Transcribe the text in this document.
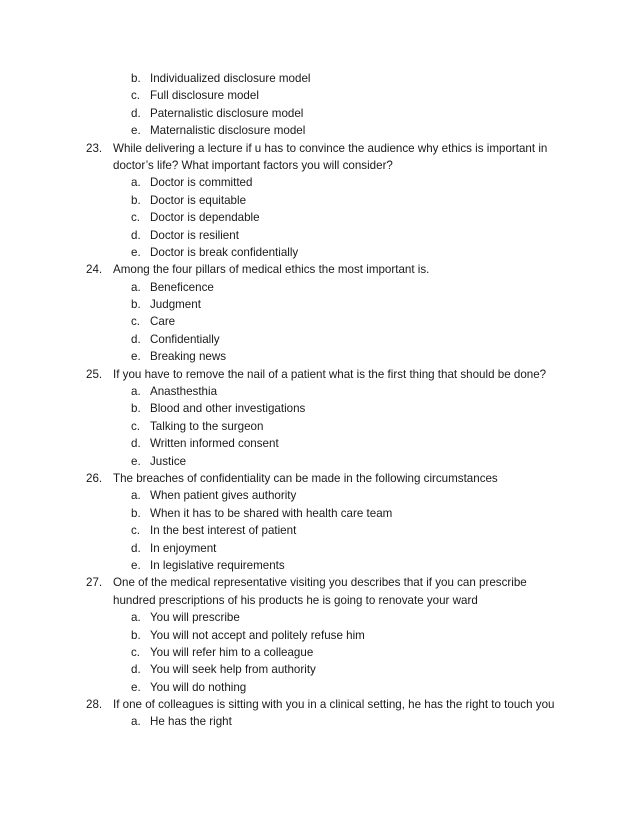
b. Individualized disclosure model
c. Full disclosure model
d. Paternalistic disclosure model
e. Maternalistic disclosure model
23. While delivering a lecture if u has to convince the audience why ethics is important in
doctor’s life? What important factors you will consider?
a. Doctor is committed
b. Doctor is equitable
c. Doctor is dependable
d. Doctor is resilient
e. Doctor is break confidentially
24. Among the four pillars of medical ethics the most important is.
a. Beneficence
b. Judgment
c. Care
d. Confidentially
e. Breaking news
25. If you have to remove the nail of a patient what is the first thing that should be done?
a. Anasthesthia
b. Blood and other investigations
c. Talking to the surgeon
d. Written informed consent
e. Justice
26. The breaches of confidentiality can be made in the following circumstances
a. When patient gives authority
b. When it has to be shared with health care team
c. In the best interest of patient
d. In enjoyment
e. In legislative requirements
27. One of the medical representative visiting you describes that if you can prescribe
hundred prescriptions of his products he is going to renovate your ward
a. You will prescribe
b. You will not accept and politely refuse him
c. You will refer him to a colleague
d. You will seek help from authority
e. You will do nothing
28. If one of colleagues is sitting with you in a clinical setting, he has the right to touch you
a. He has the right
